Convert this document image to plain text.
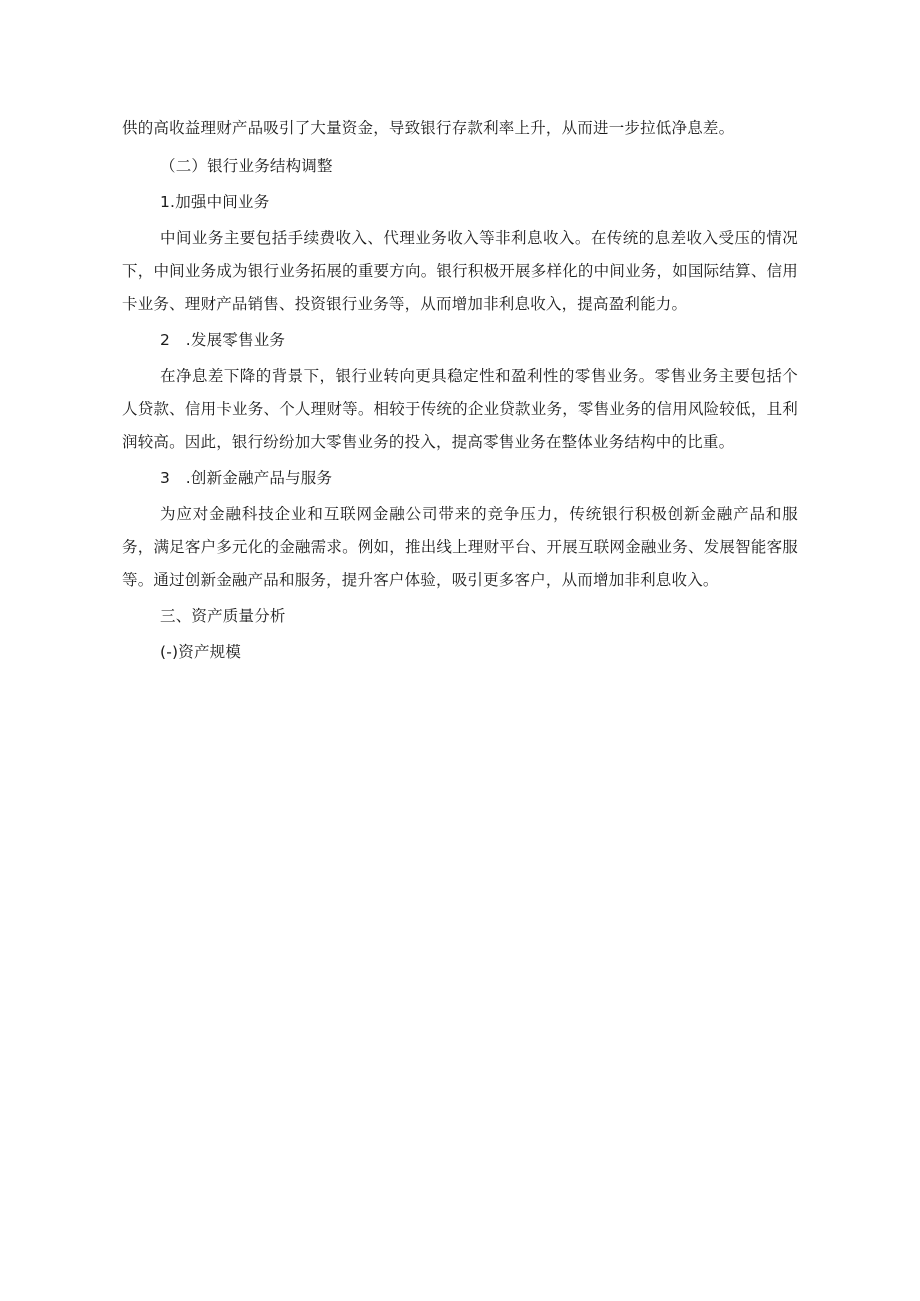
供的高收益理财产品吸引了大量资金，导致银行存款利率上升，从而进一步拉低净息差。

（二）银行业务结构调整

1.加强中间业务

中间业务主要包括手续费收入、代理业务收入等非利息收入。在传统的息差收入受压的情况下，中间业务成为银行业务拓展的重要方向。银行积极开展多样化的中间业务，如国际结算、信用卡业务、理财产品销售、投资银行业务等，从而增加非利息收入，提高盈利能力。

2　.发展零售业务

在净息差下降的背景下，银行业转向更具稳定性和盈利性的零售业务。零售业务主要包括个人贷款、信用卡业务、个人理财等。相较于传统的企业贷款业务，零售业务的信用风险较低，且利润较高。因此，银行纷纷加大零售业务的投入，提高零售业务在整体业务结构中的比重。

3　.创新金融产品与服务

为应对金融科技企业和互联网金融公司带来的竞争压力，传统银行积极创新金融产品和服务，满足客户多元化的金融需求。例如，推出线上理财平台、开展互联网金融业务、发展智能客服等。通过创新金融产品和服务，提升客户体验，吸引更多客户，从而增加非利息收入。

三、资产质量分析

(-)资产规模
